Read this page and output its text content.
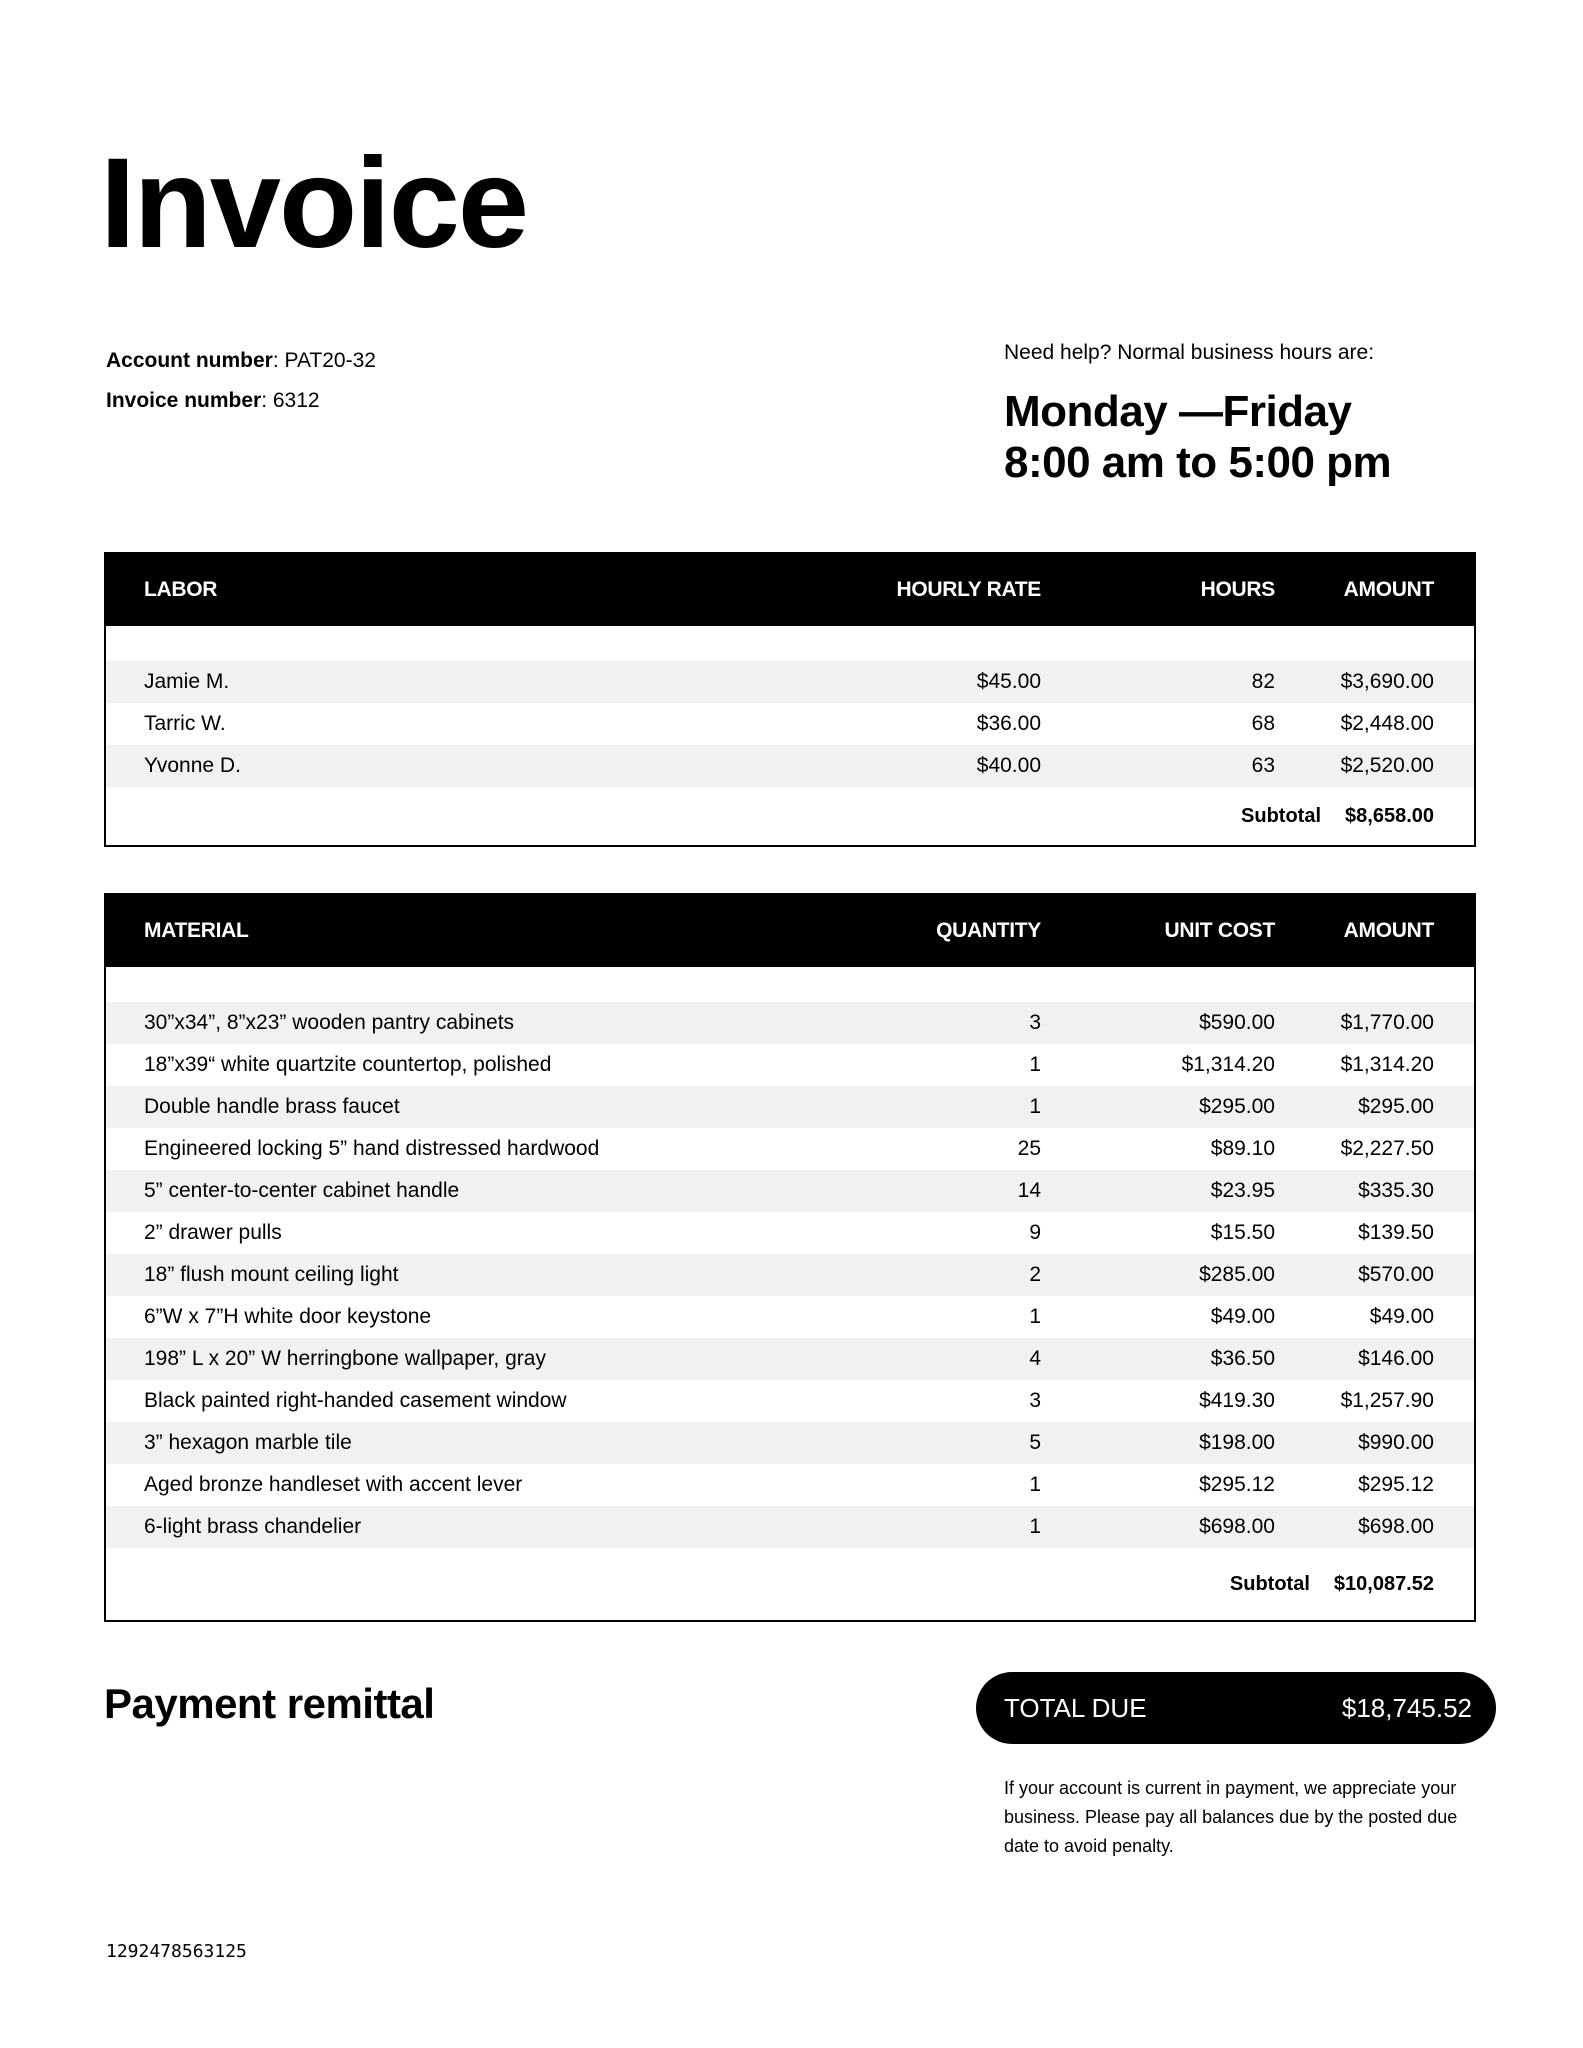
Invoice
Account number: PAT20-32
Invoice number: 6312
Need help? Normal business hours are:
Monday —Friday
8:00 am to 5:00 pm
LABOR	HOURLY RATE	HOURS	AMOUNT

Jamie M.	$45.00	82	$3,690.00
Tarric W.	$36.00	68	$2,448.00
Yvonne D.	$40.00	63	$2,520.00
Subtotal $8,658.00			
MATERIAL	QUANTITY	UNIT COST	AMOUNT

30”x34”, 8”x23” wooden pantry cabinets	3	$590.00	$1,770.00
18”x39“ white quartzite countertop, polished	1	$1,314.20	$1,314.20
Double handle brass faucet	1	$295.00	$295.00
Engineered locking 5” hand distressed hardwood	25	$89.10	$2,227.50
5” center-to-center cabinet handle	14	$23.95	$335.30
2” drawer pulls	9	$15.50	$139.50
18” flush mount ceiling light	2	$285.00	$570.00
6”W x 7”H white door keystone	1	$49.00	$49.00
198” L x 20” W herringbone wallpaper, gray	4	$36.50	$146.00
Black painted right-handed casement window	3	$419.30	$1,257.90
3” hexagon marble tile	5	$198.00	$990.00
Aged bronze handleset with accent lever	1	$295.12	$295.12
6-light brass chandelier	1	$698.00	$698.00
Subtotal $10,087.52			
Payment remittal	TOTAL DUE	$18,745.52
If your account is current in payment, we appreciate your business. Please pay all balances due by the posted due date to avoid penalty.
1292478563125
